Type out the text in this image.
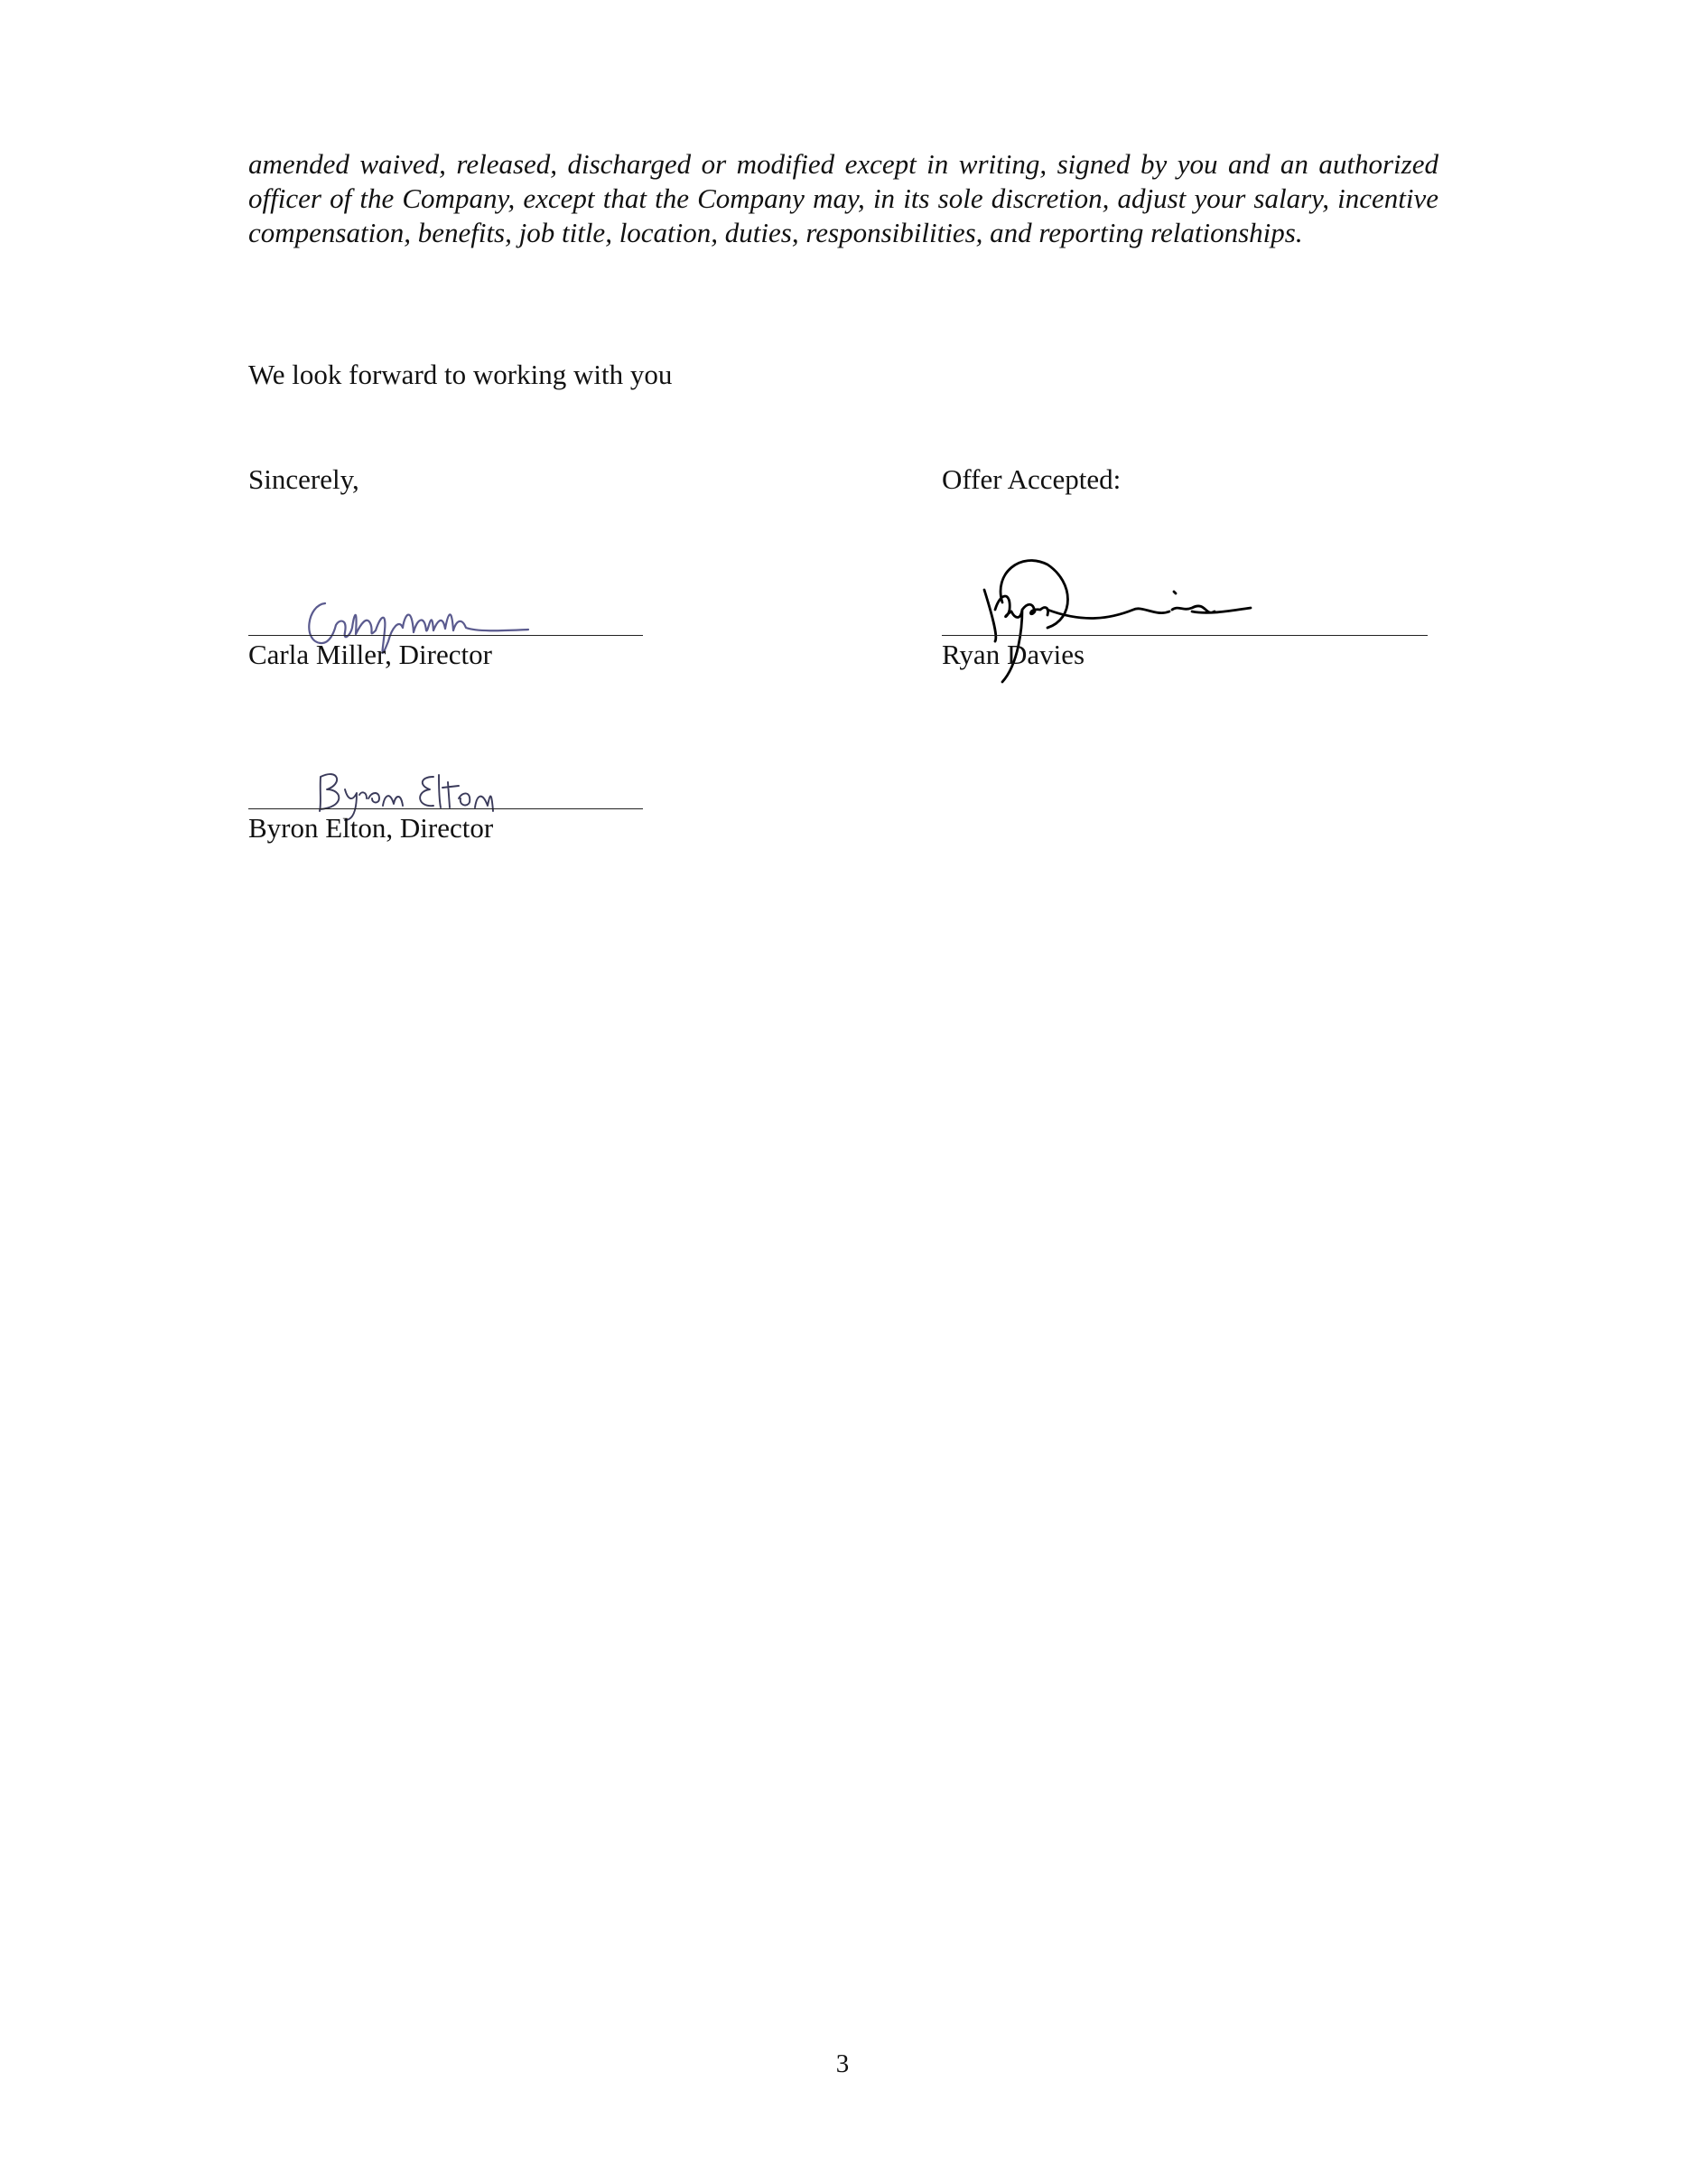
amended waived, released, discharged or modified except in writing, signed by you and an authorized officer of the Company, except that the Company may, in its sole discretion, adjust your salary, incentive compensation, benefits, job title, location, duties, responsibilities, and reporting relationships.

We look forward to working with you
Sincerely,	Offer Accepted:
Carla Miller, Director	Ryan Davies
Byron Elton, Director
3
